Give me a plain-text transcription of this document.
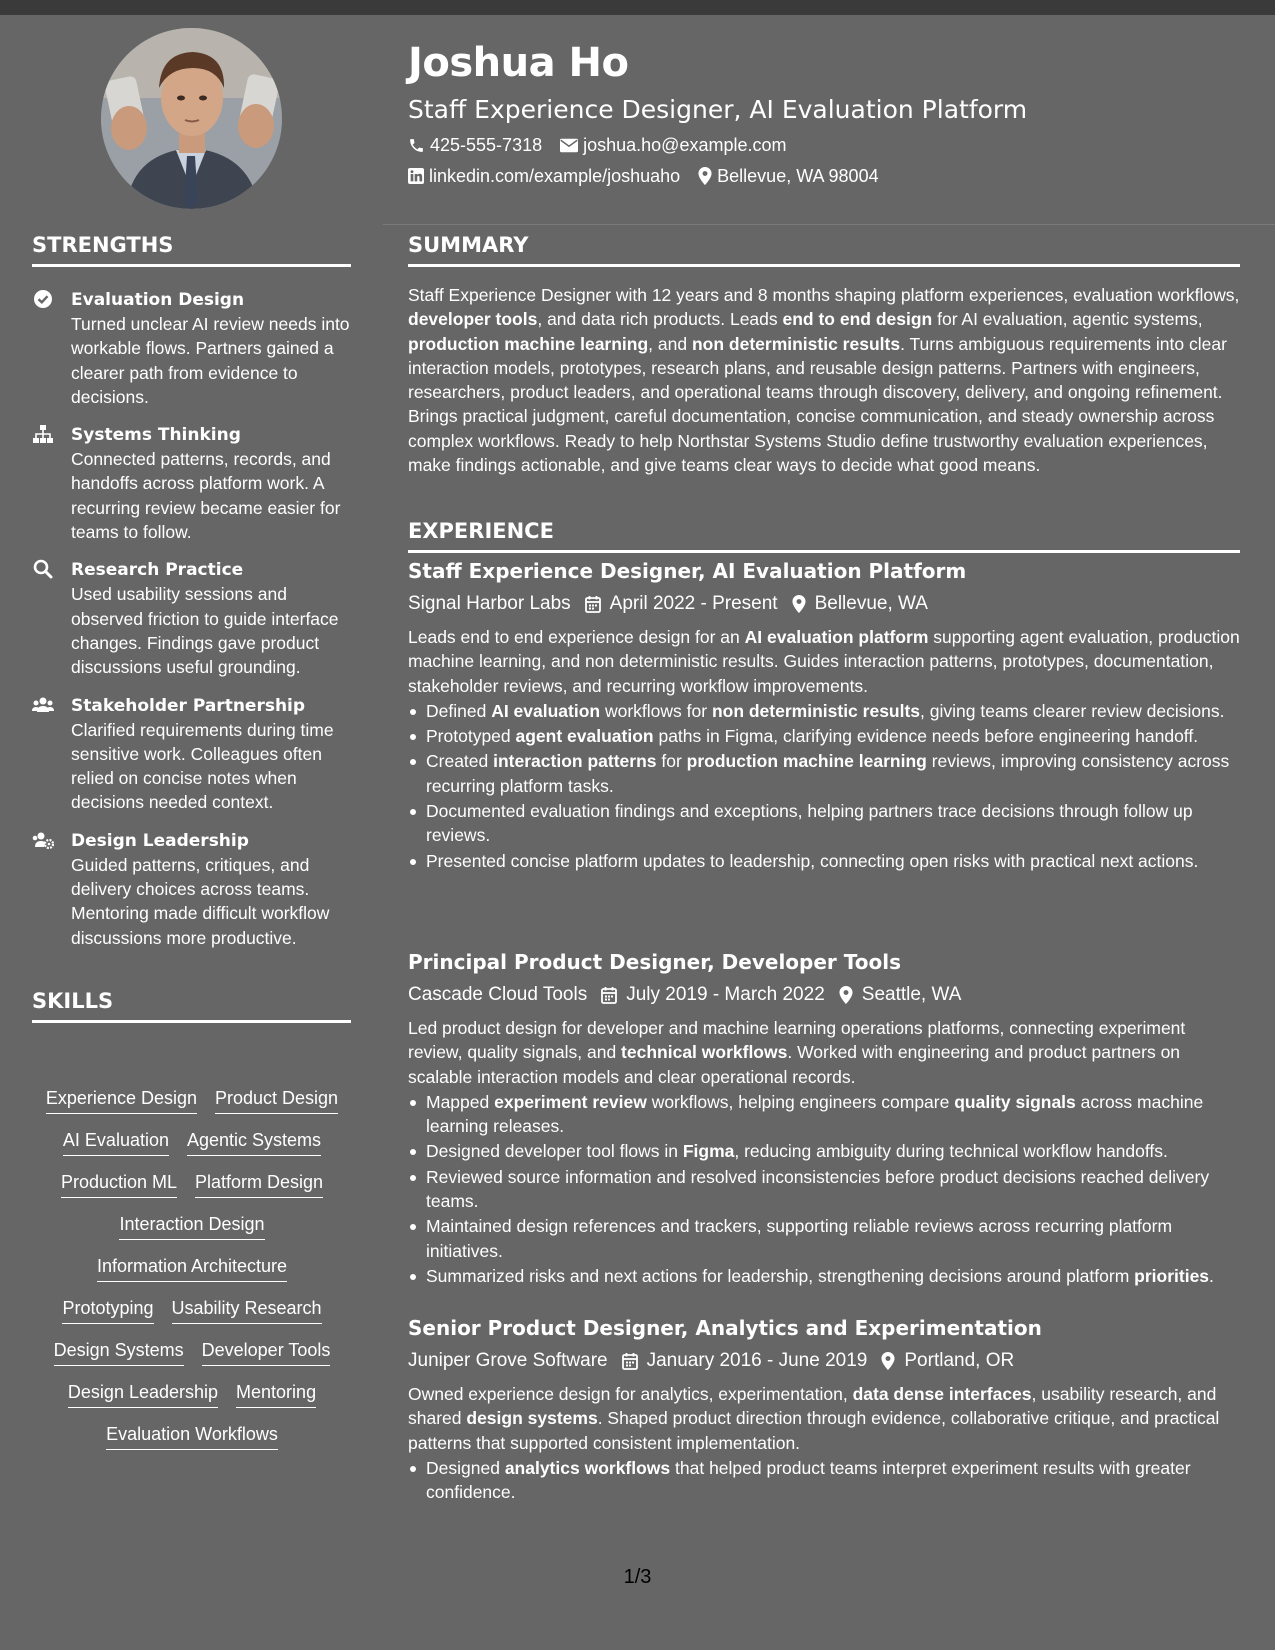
Joshua Ho
Staff Experience Designer, AI Evaluation Platform
425-555-7318 joshua.ho@example.com
linkedin.com/example/joshuaho Bellevue, WA 98004
STRENGTHS
Evaluation Design
Turned unclear AI review needs into workable flows. Partners gained a clearer path from evidence to decisions.
Systems Thinking
Connected patterns, records, and handoffs across platform work. A recurring review became easier for teams to follow.
Research Practice
Used usability sessions and observed friction to guide interface changes. Findings gave product discussions useful grounding.
Stakeholder Partnership
Clarified requirements during time sensitive work. Colleagues often relied on concise notes when decisions needed context.
Design Leadership
Guided patterns, critiques, and delivery choices across teams. Mentoring made difficult workflow discussions more productive.
SKILLS
Experience Design Product Design
AI Evaluation Agentic Systems
Production ML Platform Design
Interaction Design
Information Architecture
Prototyping Usability Research
Design Systems Developer Tools
Design Leadership Mentoring
Evaluation Workflows
SUMMARY
Staff Experience Designer with 12 years and 8 months shaping platform experiences, evaluation workflows, developer tools, and data rich products. Leads end to end design for AI evaluation, agentic systems, production machine learning, and non deterministic results. Turns ambiguous requirements into clear interaction models, prototypes, research plans, and reusable design patterns. Partners with engineers, researchers, product leaders, and operational teams through discovery, delivery, and ongoing refinement. Brings practical judgment, careful documentation, concise communication, and steady ownership across complex workflows. Ready to help Northstar Systems Studio define trustworthy evaluation experiences, make findings actionable, and give teams clear ways to decide what good means.
EXPERIENCE
Staff Experience Designer, AI Evaluation Platform
Signal Harbor Labs April 2022 - Present Bellevue, WA
Leads end to end experience design for an AI evaluation platform supporting agent evaluation, production machine learning, and non deterministic results. Guides interaction patterns, prototypes, documentation, stakeholder reviews, and recurring workflow improvements.
Defined AI evaluation workflows for non deterministic results, giving teams clearer review decisions.
Prototyped agent evaluation paths in Figma, clarifying evidence needs before engineering handoff.
Created interaction patterns for production machine learning reviews, improving consistency across recurring platform tasks.
Documented evaluation findings and exceptions, helping partners trace decisions through follow up reviews.
Presented concise platform updates to leadership, connecting open risks with practical next actions.
Principal Product Designer, Developer Tools
Cascade Cloud Tools July 2019 - March 2022 Seattle, WA
Led product design for developer and machine learning operations platforms, connecting experiment review, quality signals, and technical workflows. Worked with engineering and product partners on scalable interaction models and clear operational records.
Mapped experiment review workflows, helping engineers compare quality signals across machine learning releases.
Designed developer tool flows in Figma, reducing ambiguity during technical workflow handoffs.
Reviewed source information and resolved inconsistencies before product decisions reached delivery teams.
Maintained design references and trackers, supporting reliable reviews across recurring platform initiatives.
Summarized risks and next actions for leadership, strengthening decisions around platform priorities.
Senior Product Designer, Analytics and Experimentation
Juniper Grove Software January 2016 - June 2019 Portland, OR
Owned experience design for analytics, experimentation, data dense interfaces, usability research, and shared design systems. Shaped product direction through evidence, collaborative critique, and practical patterns that supported consistent implementation.
Designed analytics workflows that helped product teams interpret experiment results with greater confidence.
1/3
